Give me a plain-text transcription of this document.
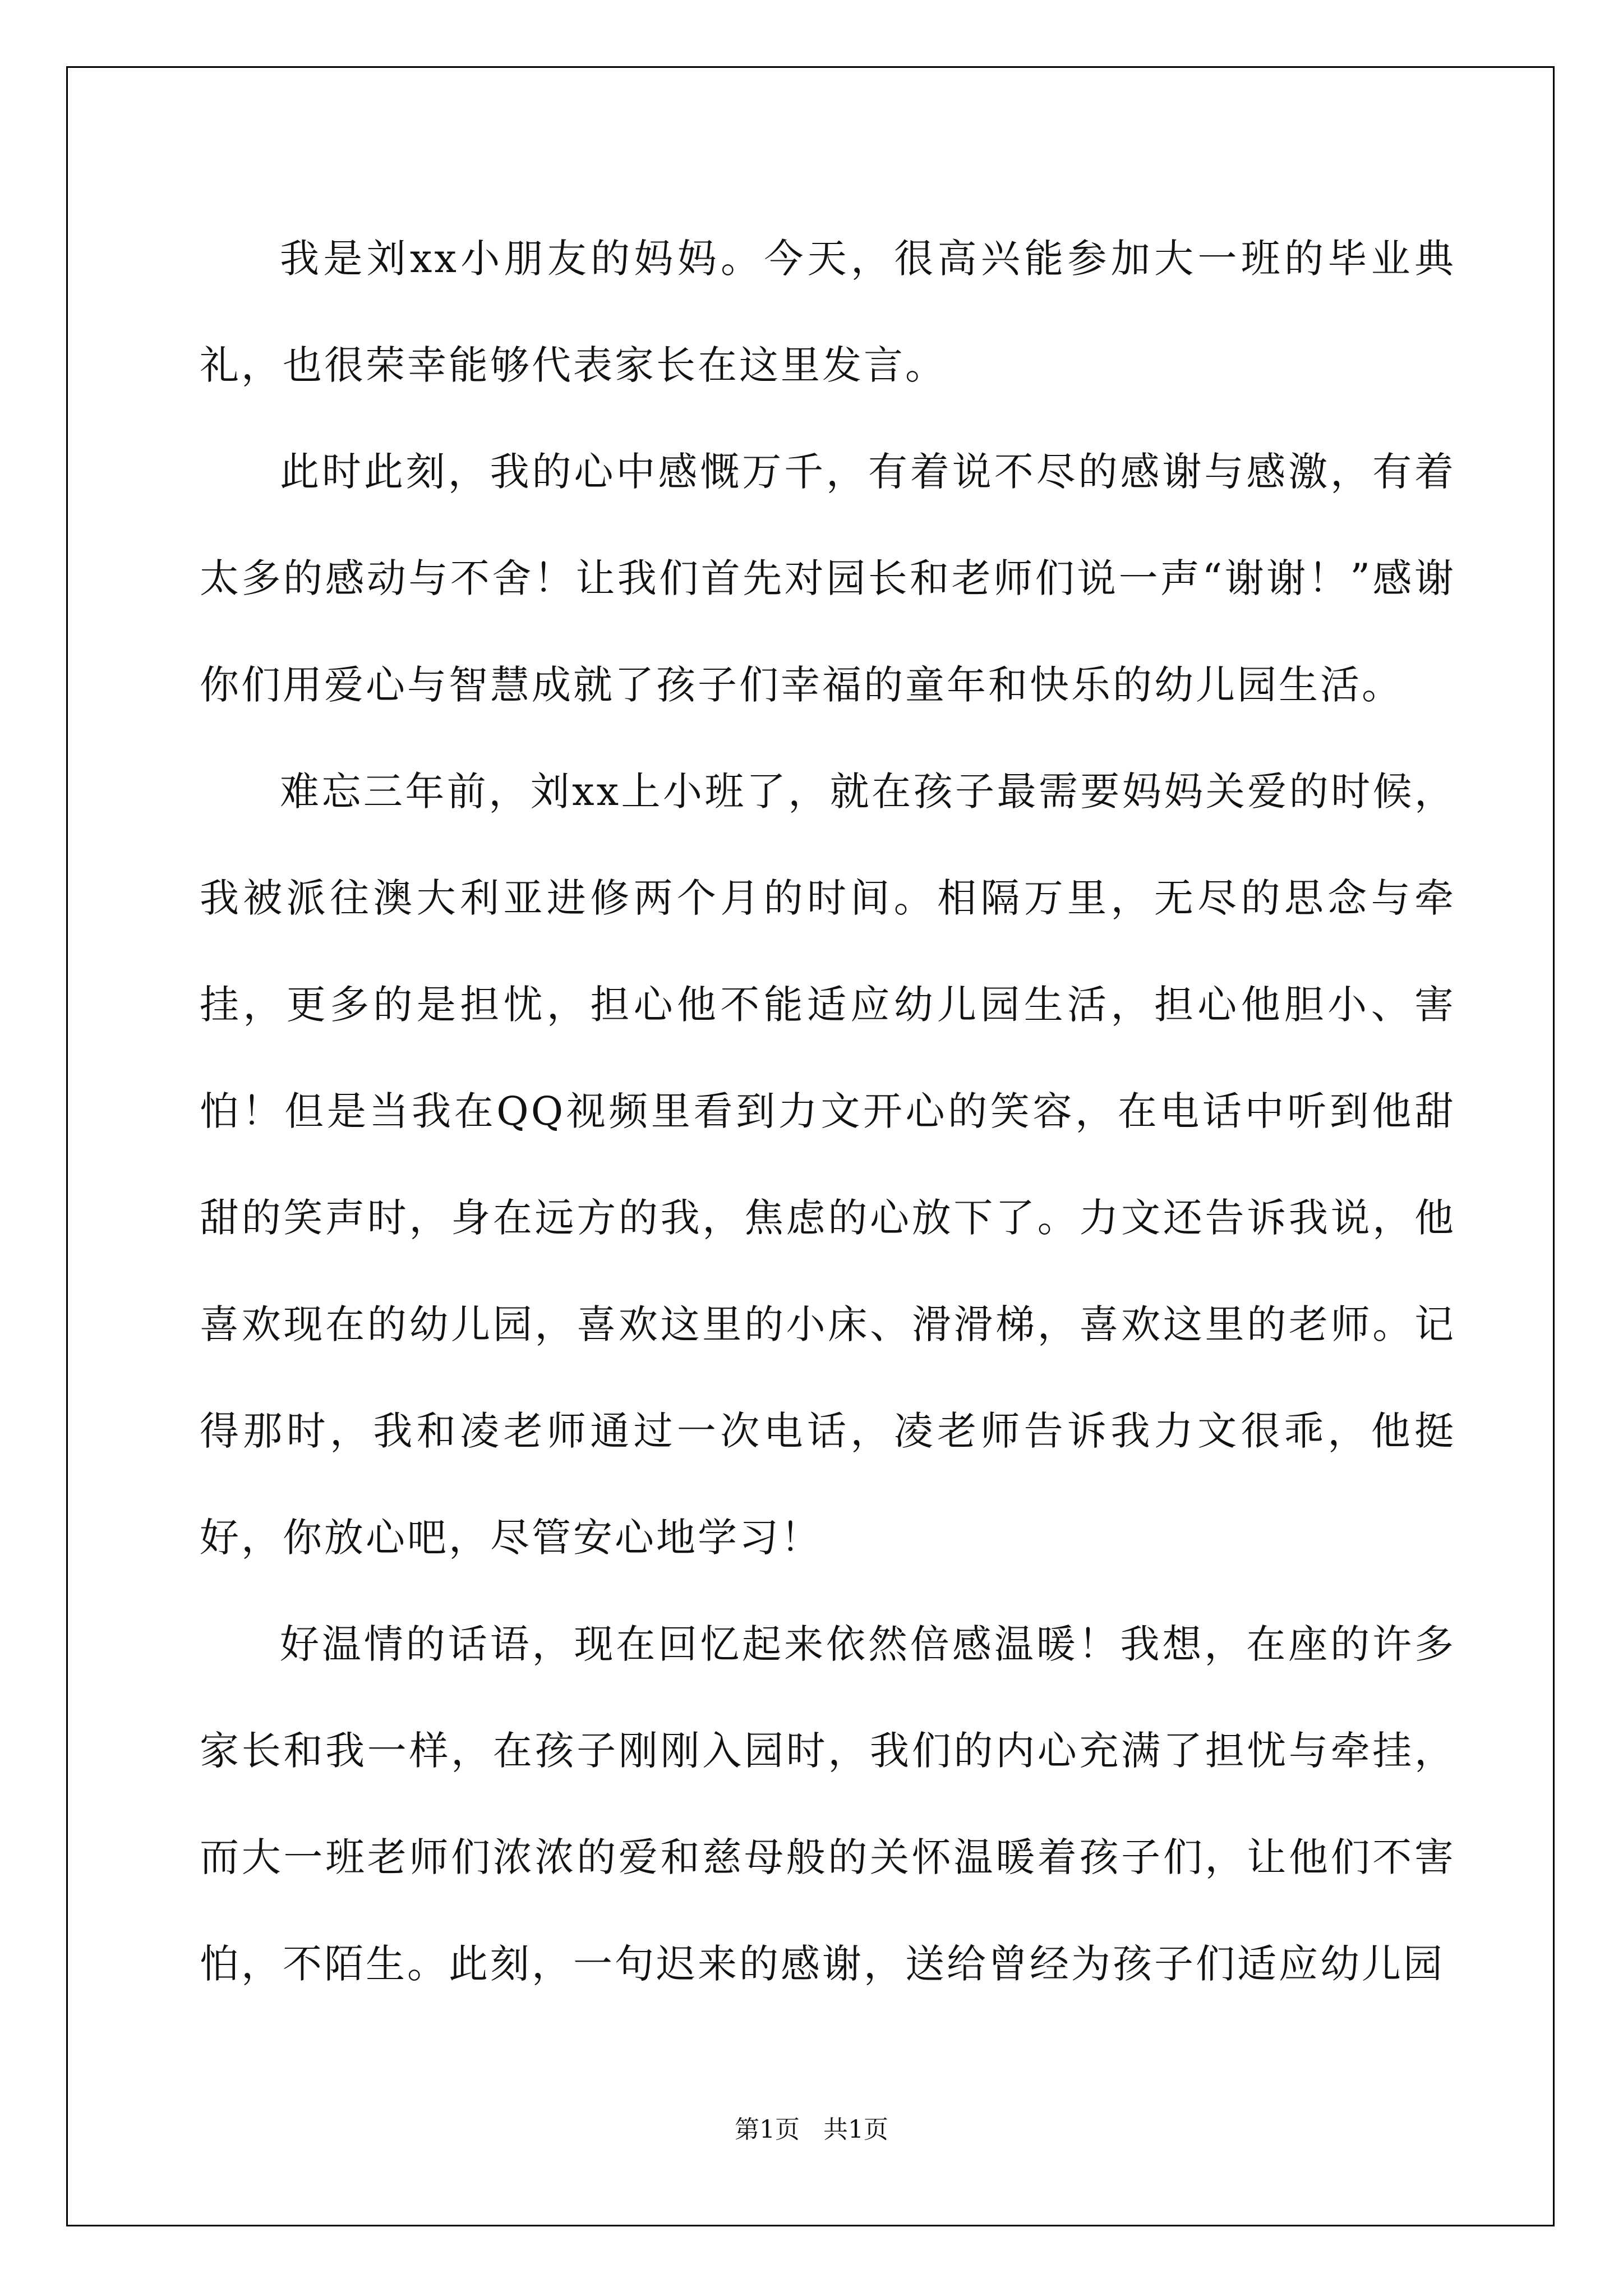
我是刘xx小朋友的妈妈。今天，很高兴能参加大一班的毕业典礼，也很荣幸能够代表家长在这里发言。

此时此刻，我的心中感慨万千，有着说不尽的感谢与感激，有着太多的感动与不舍！让我们首先对园长和老师们说一声“谢谢！”感谢你们用爱心与智慧成就了孩子们幸福的童年和快乐的幼儿园生活。

难忘三年前，刘xx上小班了，就在孩子最需要妈妈关爱的时候，我被派往澳大利亚进修两个月的时间。相隔万里，无尽的思念与牵挂，更多的是担忧，担心他不能适应幼儿园生活，担心他胆小、害怕！但是当我在QQ视频里看到力文开心的笑容，在电话中听到他甜甜的笑声时，身在远方的我，焦虑的心放下了。力文还告诉我说，他喜欢现在的幼儿园，喜欢这里的小床、滑滑梯，喜欢这里的老师。记得那时，我和凌老师通过一次电话，凌老师告诉我力文很乖，他挺好，你放心吧，尽管安心地学习！

好温情的话语，现在回忆起来依然倍感温暖！我想，在座的许多家长和我一样，在孩子刚刚入园时，我们的内心充满了担忧与牵挂，而大一班老师们浓浓的爱和慈母般的关怀温暖着孩子们，让他们不害怕，不陌生。此刻，一句迟来的感谢，送给曾经为孩子们适应幼儿园

第1页   共1页
